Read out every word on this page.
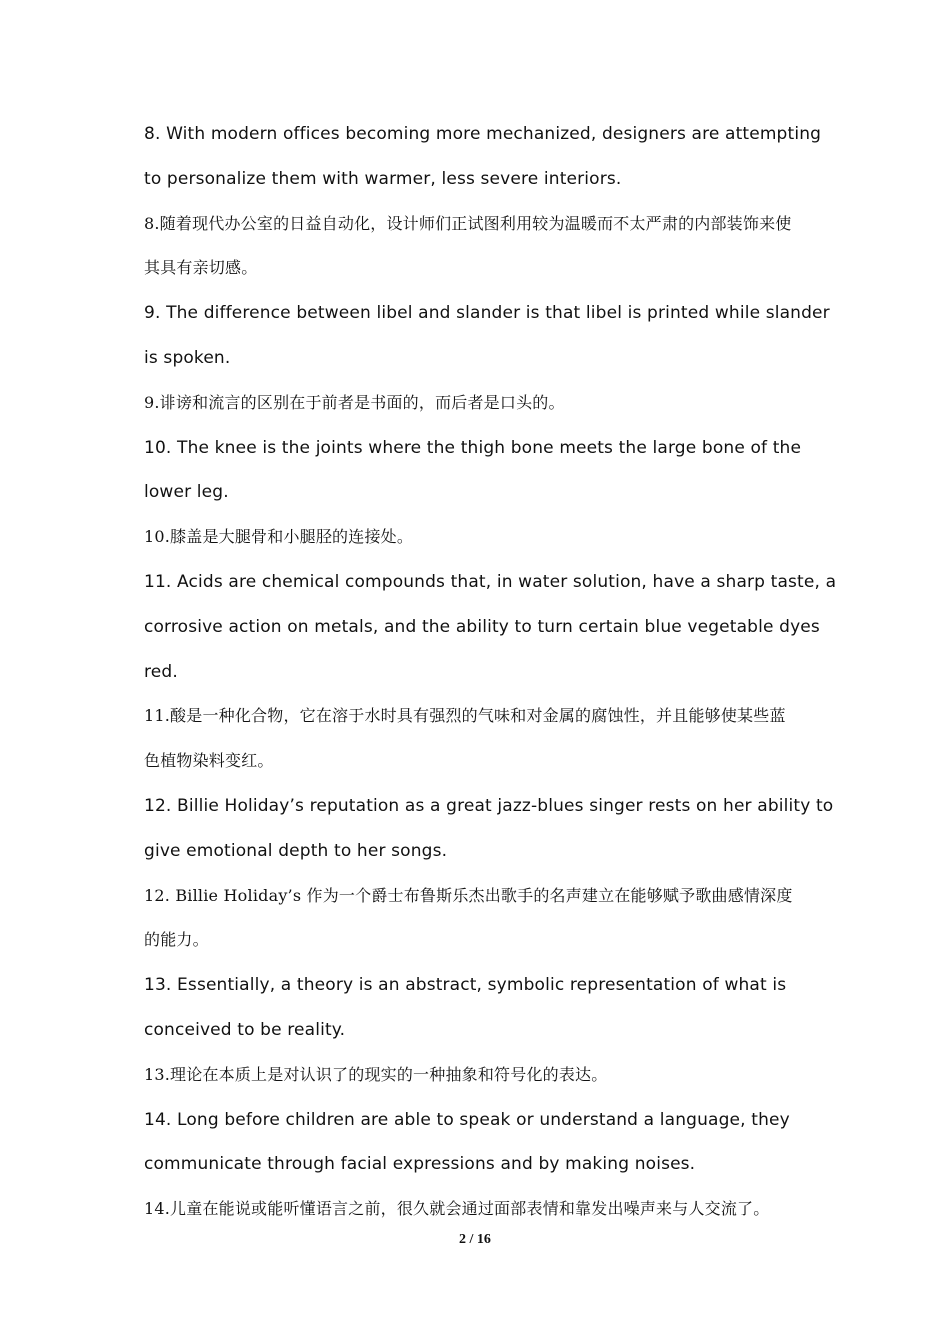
8. With modern offices becoming more mechanized, designers are attempting
to personalize them with warmer, less severe interiors.
8.随着现代办公室的日益自动化，设计师们正试图利用较为温暖而不太严肃的内部装饰来使
其具有亲切感。
9. The difference between libel and slander is that libel is printed while slander
is spoken.
9.诽谤和流言的区别在于前者是书面的，而后者是口头的。
10. The knee is the joints where the thigh bone meets the large bone of the
lower leg.
10.膝盖是大腿骨和小腿胫的连接处。
11. Acids are chemical compounds that, in water solution, have a sharp taste, a
corrosive action on metals, and the ability to turn certain blue vegetable dyes
red.
11.酸是一种化合物，它在溶于水时具有强烈的气味和对金属的腐蚀性，并且能够使某些蓝
色植物染料变红。
12. Billie Holiday’s reputation as a great jazz-blues singer rests on her ability to
give emotional depth to her songs.
12. Billie Holiday’s 作为一个爵士布鲁斯乐杰出歌手的名声建立在能够赋予歌曲感情深度
的能力。
13. Essentially, a theory is an abstract, symbolic representation of what is
conceived to be reality.
13.理论在本质上是对认识了的现实的一种抽象和符号化的表达。
14. Long before children are able to speak or understand a language, they
communicate through facial expressions and by making noises.
14.儿童在能说或能听懂语言之前，很久就会通过面部表情和靠发出噪声来与人交流了。
2 / 16
